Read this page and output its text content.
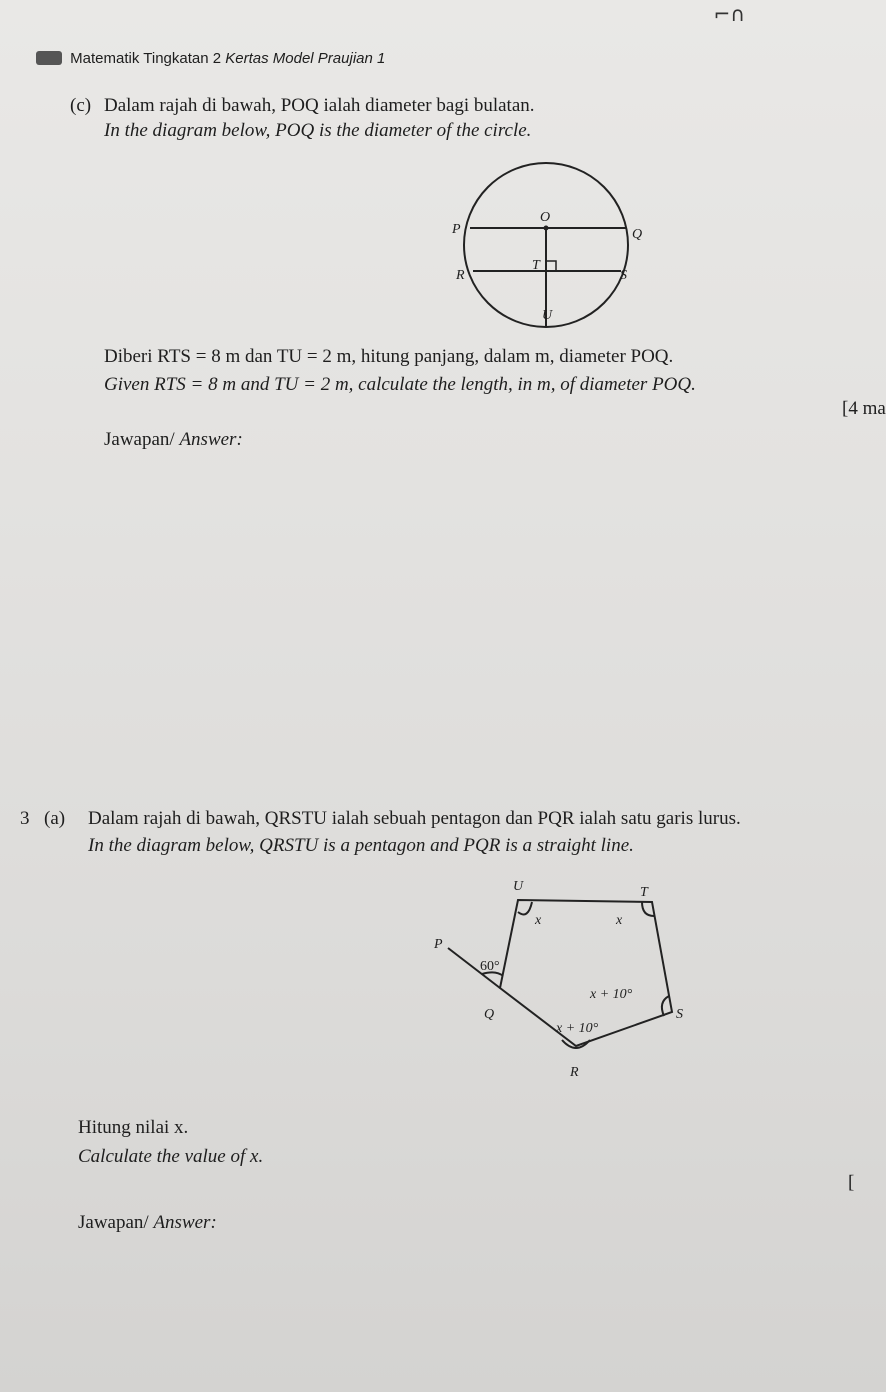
⌐∩
Matematik Tingkatan 2 Kertas Model Praujian 1
(c) Dalam rajah di bawah, POQ ialah diameter bagi bulatan.
In the diagram below, POQ is the diameter of the circle.
P
O
Q
R
T
S
U
Diberi RTS = 8 m dan TU = 2 m, hitung panjang, dalam m, diameter POQ.
Given RTS = 8 m and TU = 2 m, calculate the length, in m, of diameter POQ.
[4 ma
Jawapan/ Answer:
3 (a) Dalam rajah di bawah, QRSTU ialah sebuah pentagon dan PQR ialah satu garis lurus.
In the diagram below, QRSTU is a pentagon and PQR is a straight line.
U	T
P
Q	S
R
x	x
60°
x + 10°
x + 10°
Hitung nilai x.
Calculate the value of x.
[
Jawapan/ Answer:
